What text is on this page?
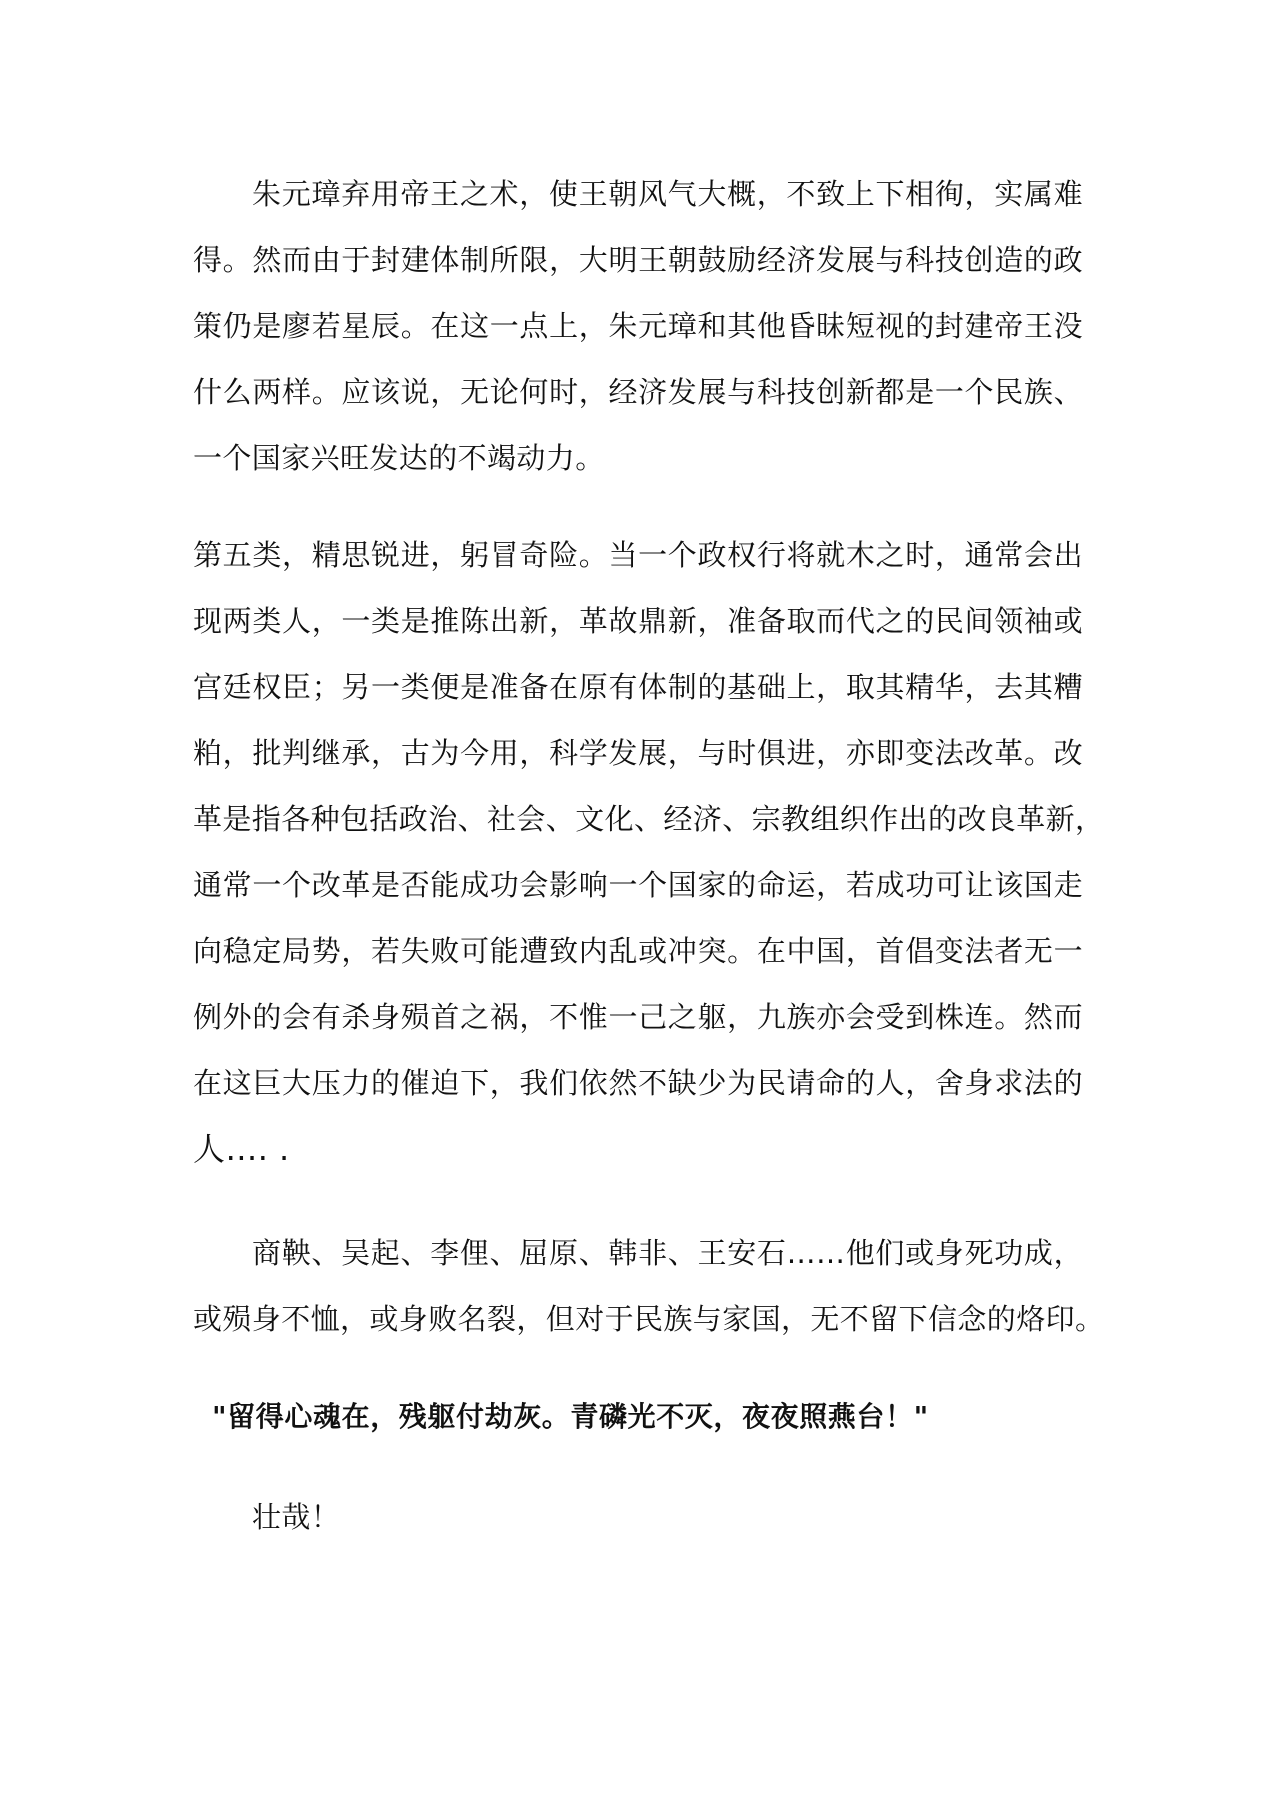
朱元璋弃用帝王之术，使王朝风气大概，不致上下相徇，实属难
得。然而由于封建体制所限，大明王朝鼓励经济发展与科技创造的政
策仍是廖若星辰。在这一点上，朱元璋和其他昏昧短视的封建帝王没
什么两样。应该说，无论何时，经济发展与科技创新都是一个民族、
一个国家兴旺发达的不竭动力。
第五类，精思锐进，躬冒奇险。当一个政权行将就木之时，通常会出
现两类人，一类是推陈出新，革故鼎新，准备取而代之的民间领袖或
宫廷权臣；另一类便是准备在原有体制的基础上，取其精华，去其糟
粕，批判继承，古为今用，科学发展，与时俱进，亦即变法改革。改
革是指各种包括政治、社会、文化、经济、宗教组织作出的改良革新，
通常一个改革是否能成功会影响一个国家的命运，若成功可让该国走
向稳定局势，若失败可能遭致内乱或冲突。在中国，首倡变法者无一
例外的会有杀身殒首之祸，不惟一己之躯，九族亦会受到株连。然而
在这巨大压力的催迫下，我们依然不缺少为民请命的人，舍身求法的
人…. .
商鞅、吴起、李俚、屈原、韩非、王安石……他们或身死功成，
或殒身不恤，或身败名裂，但对于民族与家国，无不留下信念的烙印。
"留得心魂在，残躯付劫灰。青磷光不灭，夜夜照燕台！"
壮哉！
